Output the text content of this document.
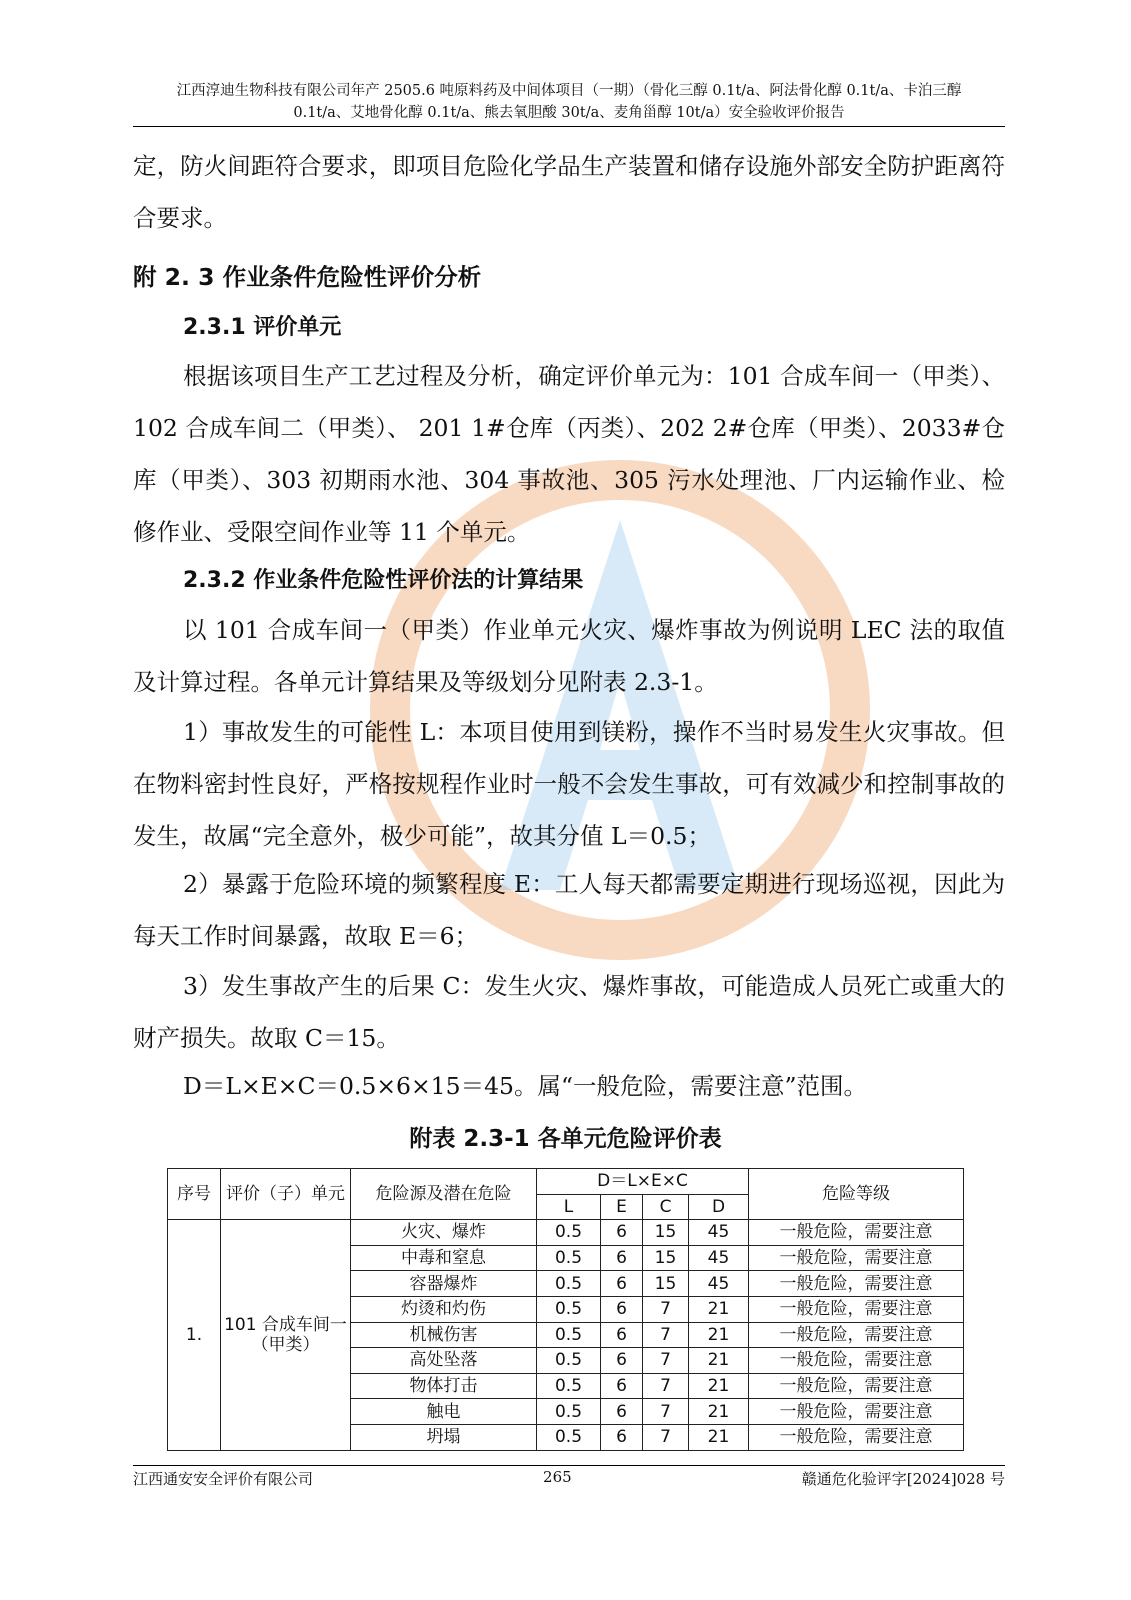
江西淳迪生物科技有限公司年产 2505.6 吨原料药及中间体项目（一期）（骨化三醇 0.1t/a、阿法骨化醇 0.1t/a、卡泊三醇
0.1t/a、艾地骨化醇 0.1t/a、熊去氧胆酸 30t/a、麦角甾醇 10t/a）安全验收评价报告

定，防火间距符合要求，即项目危险化学品生产装置和储存设施外部安全防护距离符合要求。

附 2. 3 作业条件危险性评价分析
2.3.1 评价单元

根据该项目生产工艺过程及分析，确定评价单元为：101 合成车间一（甲类）、102 合成车间二（甲类）、 201 1#仓库（丙类）、202 2#仓库（甲类）、2033#仓库（甲类）、303 初期雨水池、304 事故池、305 污水处理池、厂内运输作业、检修作业、受限空间作业等 11 个单元。

2.3.2 作业条件危险性评价法的计算结果

以 101 合成车间一（甲类）作业单元火灾、爆炸事故为例说明 LEC 法的取值及计算过程。各单元计算结果及等级划分见附表 2.3-1。

1）事故发生的可能性 L：本项目使用到镁粉，操作不当时易发生火灾事故。但在物料密封性良好，严格按规程作业时一般不会发生事故，可有效减少和控制事故的发生，故属“完全意外，极少可能”，故其分值 L＝0.5；

2）暴露于危险环境的频繁程度 E：工人每天都需要定期进行现场巡视，因此为每天工作时间暴露，故取 E＝6；

3）发生事故产生的后果 C：发生火灾、爆炸事故，可能造成人员死亡或重大的财产损失。故取 C＝15。

D＝L×E×C＝0.5×6×15＝45。属“一般危险，需要注意”范围。

附表 2.3-1 各单元危险评价表
序号	评价（子）单元	危险源及潜在危险	D＝L×E×C				危险等级
			L	E	C	D	
1.	101 合成车间一（甲类）	火灾、爆炸	0.5	6	15	45	一般危险，需要注意
		中毒和窒息	0.5	6	15	45	一般危险，需要注意
		容器爆炸	0.5	6	15	45	一般危险，需要注意
		灼烫和灼伤	0.5	6	7	21	一般危险，需要注意
		机械伤害	0.5	6	7	21	一般危险，需要注意
		高处坠落	0.5	6	7	21	一般危险，需要注意
		物体打击	0.5	6	7	21	一般危险，需要注意
		触电	0.5	6	7	21	一般危险，需要注意
		坍塌	0.5	6	7	21	一般危险，需要注意
江西通安安全评价有限公司	265	赣通危化验评字[2024]028 号
